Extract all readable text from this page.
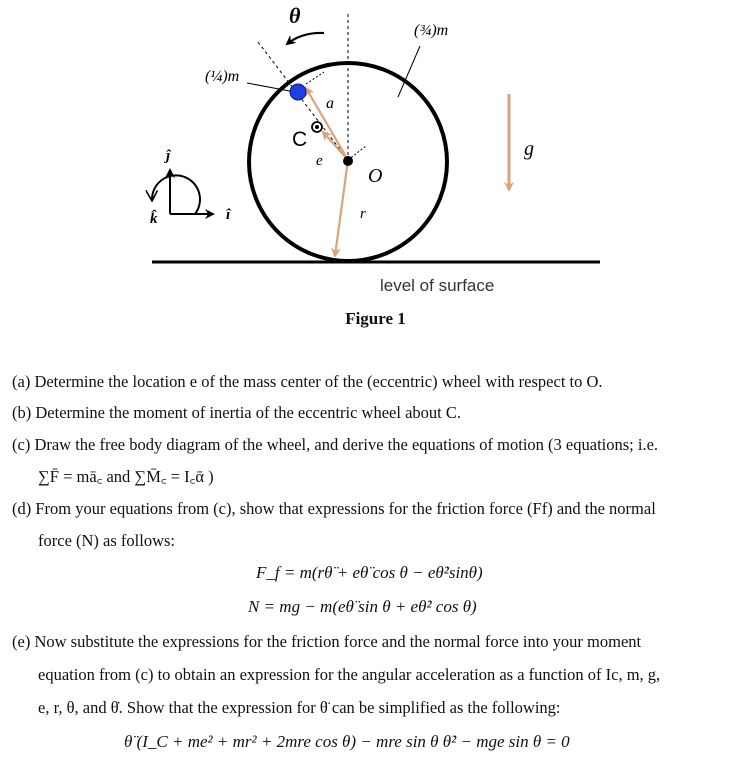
θ
(¾)m
(¼)m
a
C
e
O
r
g
ĵ
k̂	î
level of surface
Figure 1
(a) Determine the location e of the mass center of the (eccentric) wheel with respect to O.
(b) Determine the moment of inertia of the eccentric wheel about C.
(c) Draw the free body diagram of the wheel, and derive the equations of motion (3 equations; i.e.
∑F̄ = mā꜀ and ∑M̄꜀ = I꜀ᾱ )
(d) From your equations from (c), show that expressions for the friction force (Ff) and the normal
force (N) as follows:
F_f = m(rθ̈ + eθ̈ cos θ − eθ̇²sinθ)
N = mg − m(eθ̈ sin θ + eθ̇² cos θ)
(e) Now substitute the expressions for the friction force and the normal force into your moment
equation from (c) to obtain an expression for the angular acceleration as a function of Ic, m, g,
e, r, θ, and θ̇. Show that the expression for θ̈ can be simplified as the following:
θ̈ (I_C + me² + mr² + 2mre cos θ) − mre sin θ θ̇² − mge sin θ = 0
